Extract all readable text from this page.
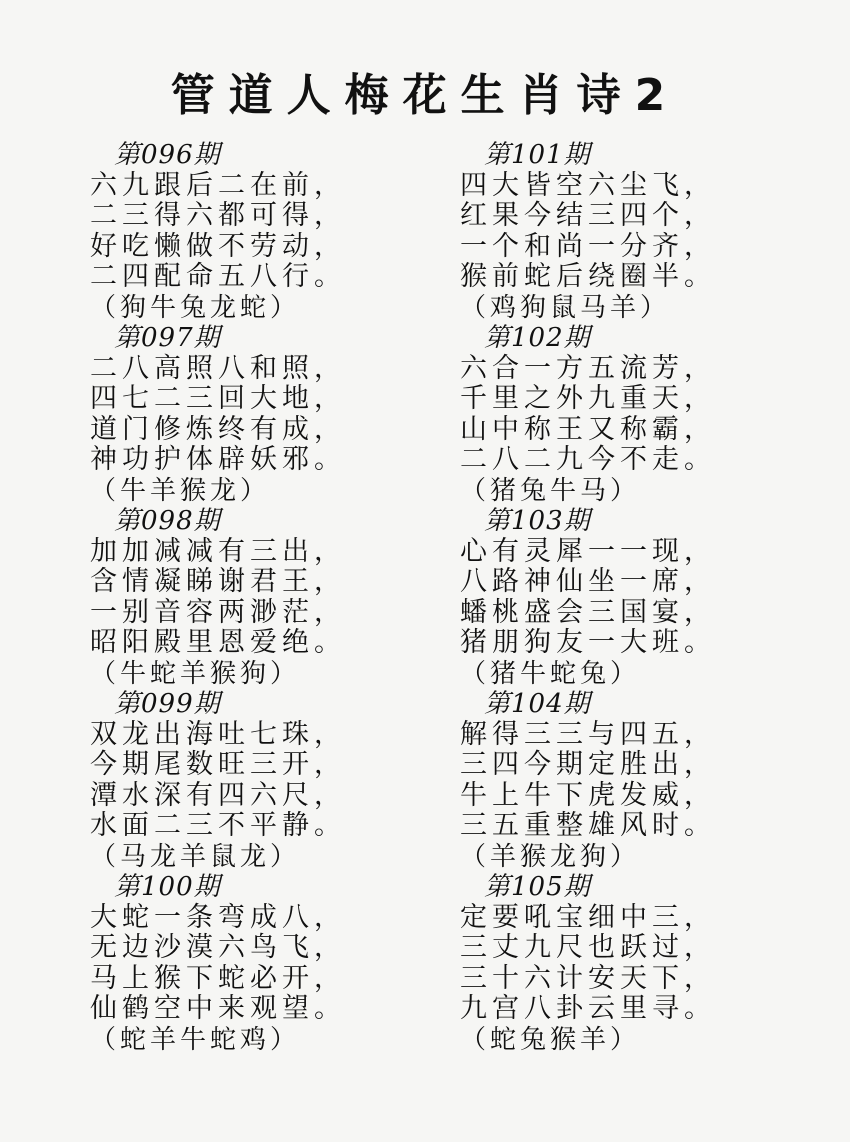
管道人梅花生肖诗2
第096期
六九跟后二在前，
二三得六都可得，
好吃懒做不劳动，
二四配命五八行。
（狗牛兔龙蛇）
第097期
二八高照八和照，
四七二三回大地，
道门修炼终有成，
神功护体辟妖邪。
（牛羊猴龙）
第098期
加加减减有三出，
含情凝睇谢君王，
一别音容两渺茫，
昭阳殿里恩爱绝。
（牛蛇羊猴狗）
第099期
双龙出海吐七珠，
今期尾数旺三开，
潭水深有四六尺，
水面二三不平静。
（马龙羊鼠龙）
第100期
大蛇一条弯成八，
无边沙漠六鸟飞，
马上猴下蛇必开，
仙鹤空中来观望。
（蛇羊牛蛇鸡）
第101期
四大皆空六尘飞，
红果今结三四个，
一个和尚一分齐，
猴前蛇后绕圈半。
（鸡狗鼠马羊）
第102期
六合一方五流芳，
千里之外九重天，
山中称王又称霸，
二八二九今不走。
（猪兔牛马）
第103期
心有灵犀一一现，
八路神仙坐一席，
蟠桃盛会三国宴，
猪朋狗友一大班。
（猪牛蛇兔）
第104期
解得三三与四五，
三四今期定胜出，
牛上牛下虎发威，
三五重整雄风时。
（羊猴龙狗）
第105期
定要吼宝细中三，
三丈九尺也跃过，
三十六计安天下，
九宫八卦云里寻。
（蛇兔猴羊）
